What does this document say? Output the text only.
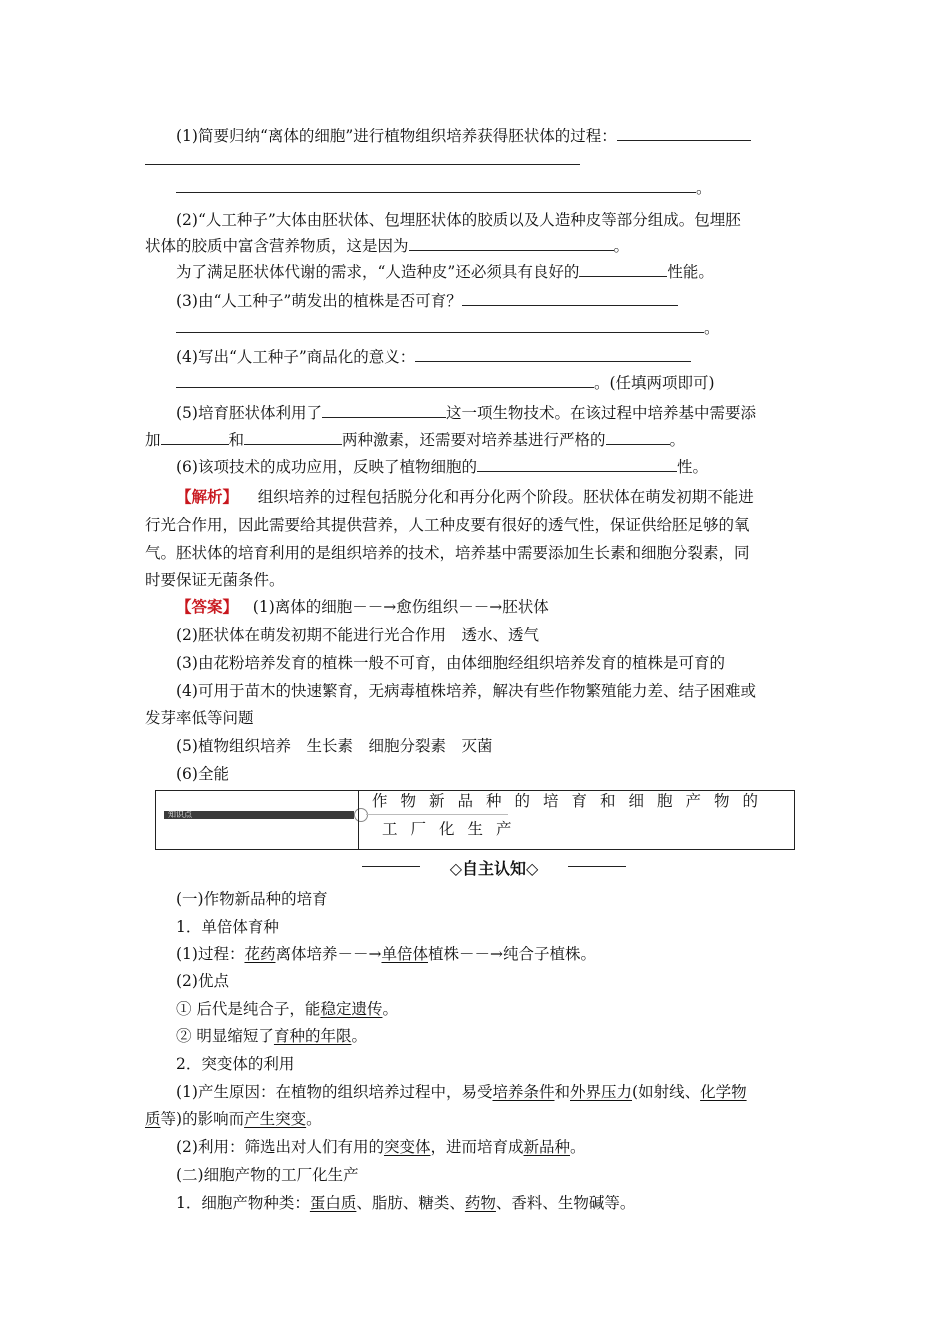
(1)简要归纳“离体的细胞”进行植物组织培养获得胚状体的过程：
。
(2)“人工种子”大体由胚状体、包埋胚状体的胶质以及人造种皮等部分组成。包埋胚
状体的胶质中富含营养物质，这是因为	。
为了满足胚状体代谢的需求，“人造种皮”还必须具有良好的	性能。
(3)由“人工种子”萌发出的植株是否可育？
。
(4)写出“人工种子”商品化的意义：
。(任填两项即可)
(5)培育胚状体利用了	这一项生物技术。在该过程中培养基中需要添
加	和	两种激素，还需要对培养基进行严格的	。
(6)该项技术的成功应用，反映了植物细胞的	性。
【解析】 组织培养的过程包括脱分化和再分化两个阶段。胚状体在萌发初期不能进
行光合作用，因此需要给其提供营养，人工种皮要有很好的透气性，保证供给胚足够的氧
气。胚状体的培育利用的是组织培养的技术，培养基中需要添加生长素和细胞分裂素，同
时要保证无菌条件。
【答案】 (1)离体的细胞－－→愈伤组织－－→胚状体
(2)胚状体在萌发初期不能进行光合作用　透水、透气
(3)由花粉培养发育的植株一般不可育，由体细胞经组织培养发育的植株是可育的
(4)可用于苗木的快速繁育，无病毒植株培养，解决有些作物繁殖能力差、结子困难或
发芽率低等问题
(5)植物组织培养　生长素　细胞分裂素　灭菌
(6)全能
知识点
作物新品种的培育和细胞产物的
工厂化生产
◇自主认知◇
(一)作物新品种的培育
1．单倍体育种
(1)过程：花药离体培养－－→单倍体植株－－→纯合子植株。
(2)优点
① 后代是纯合子，能稳定遗传。
② 明显缩短了育种的年限。
2．突变体的利用
(1)产生原因：在植物的组织培养过程中，易受培养条件和外界压力(如射线、化学物
质等)的影响而产生突变。
(2)利用：筛选出对人们有用的突变体，进而培育成新品种。
(二)细胞产物的工厂化生产
1．细胞产物种类：蛋白质、脂肪、糖类、药物、香料、生物碱等。
